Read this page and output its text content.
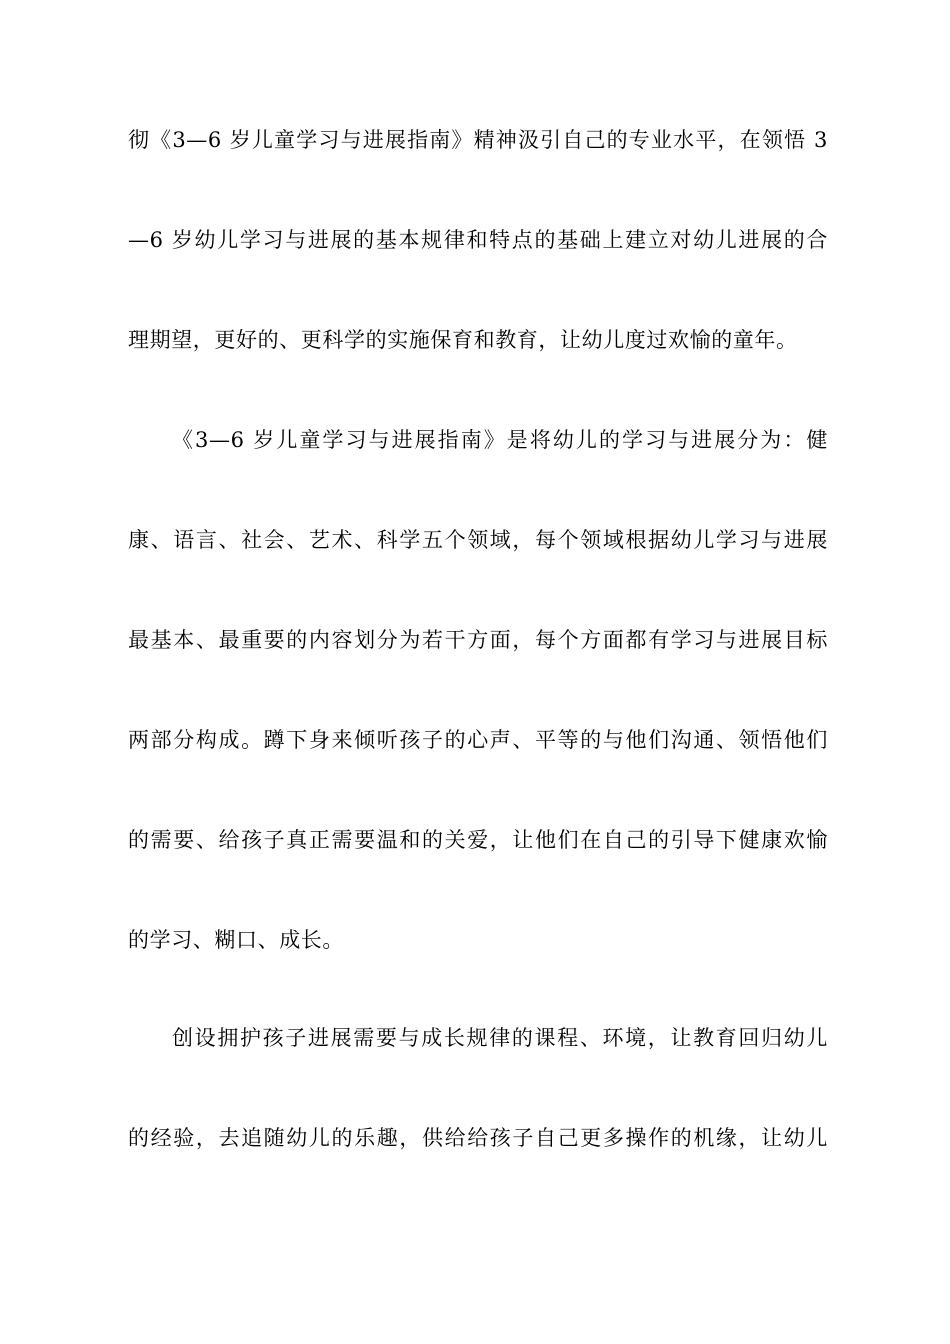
彻《3—6 岁儿童学习与进展指南》精神汲引自己的专业水平，在领悟 3
—6 岁幼儿学习与进展的基本规律和特点的基础上建立对幼儿进展的合
理期望，更好的、更科学的实施保育和教育，让幼儿度过欢愉的童年。
《3—6 岁儿童学习与进展指南》是将幼儿的学习与进展分为：健
康、语言、社会、艺术、科学五个领域，每个领域根据幼儿学习与进展
最基本、最重要的内容划分为若干方面，每个方面都有学习与进展目标
两部分构成。蹲下身来倾听孩子的心声、平等的与他们沟通、领悟他们
的需要、给孩子真正需要温和的关爱，让他们在自己的引导下健康欢愉
的学习、糊口、成长。
创设拥护孩子进展需要与成长规律的课程、环境，让教育回归幼儿
的经验，去追随幼儿的乐趣，供给给孩子自己更多操作的机缘，让幼儿
